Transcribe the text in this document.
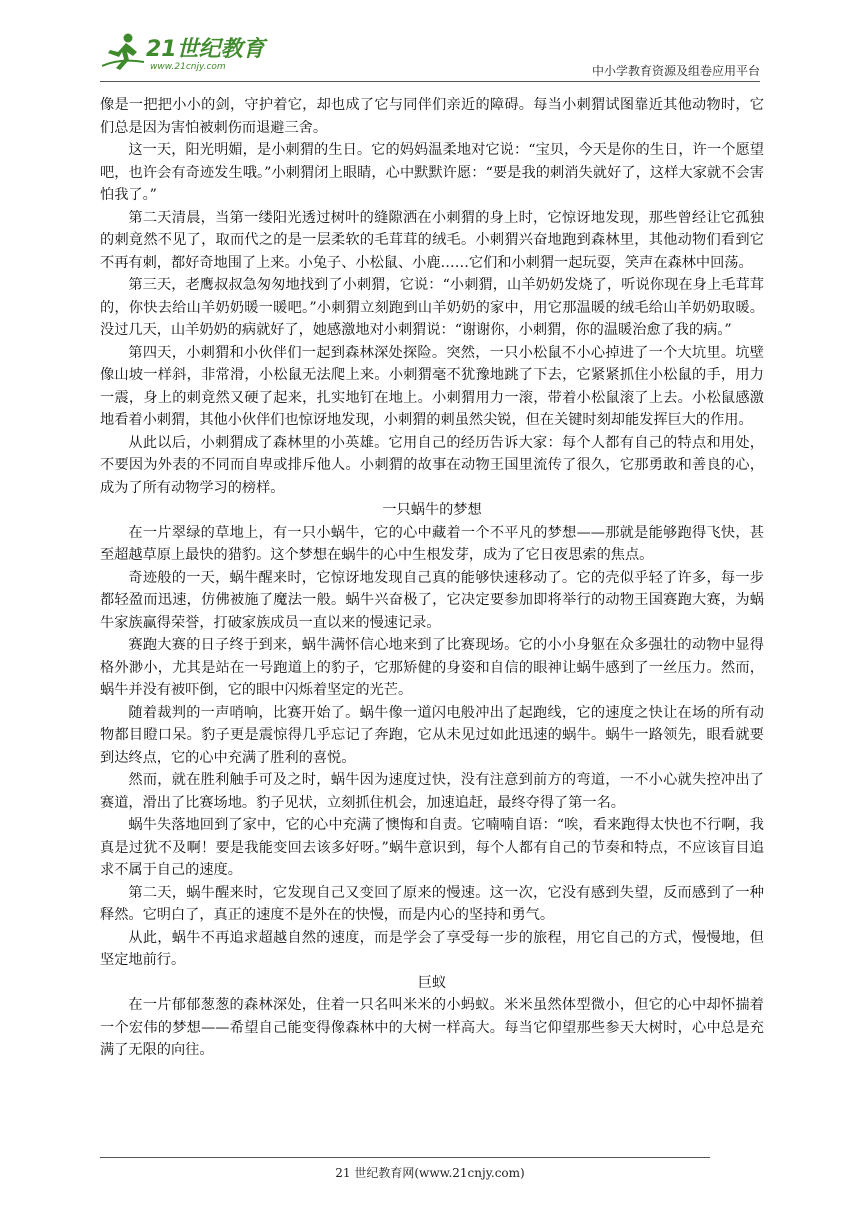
21世纪教育
www.21cnjy.com	中小学教育资源及组卷应用平台

像是一把把小小的剑，守护着它，却也成了它与同伴们亲近的障碍。每当小刺猬试图靠近其他动物时，它们总是因为害怕被刺伤而退避三舍。

这一天，阳光明媚，是小刺猬的生日。它的妈妈温柔地对它说：“宝贝，今天是你的生日，许一个愿望吧，也许会有奇迹发生哦。”小刺猬闭上眼睛，心中默默许愿：“要是我的刺消失就好了，这样大家就不会害怕我了。”

第二天清晨，当第一缕阳光透过树叶的缝隙洒在小刺猬的身上时，它惊讶地发现，那些曾经让它孤独的刺竟然不见了，取而代之的是一层柔软的毛茸茸的绒毛。小刺猬兴奋地跑到森林里，其他动物们看到它不再有刺，都好奇地围了上来。小兔子、小松鼠、小鹿……它们和小刺猬一起玩耍，笑声在森林中回荡。

第三天，老鹰叔叔急匆匆地找到了小刺猬，它说：“小刺猬，山羊奶奶发烧了，听说你现在身上毛茸茸的，你快去给山羊奶奶暖一暖吧。”小刺猬立刻跑到山羊奶奶的家中，用它那温暖的绒毛给山羊奶奶取暖。没过几天，山羊奶奶的病就好了，她感激地对小刺猬说：“谢谢你，小刺猬，你的温暖治愈了我的病。”

第四天，小刺猬和小伙伴们一起到森林深处探险。突然，一只小松鼠不小心掉进了一个大坑里。坑壁像山坡一样斜，非常滑，小松鼠无法爬上来。小刺猬毫不犹豫地跳了下去，它紧紧抓住小松鼠的手，用力一震，身上的刺竟然又硬了起来，扎实地钉在地上。小刺猬用力一滚，带着小松鼠滚了上去。小松鼠感激地看着小刺猬，其他小伙伴们也惊讶地发现，小刺猬的刺虽然尖锐，但在关键时刻却能发挥巨大的作用。

从此以后，小刺猬成了森林里的小英雄。它用自己的经历告诉大家：每个人都有自己的特点和用处，不要因为外表的不同而自卑或排斥他人。小刺猬的故事在动物王国里流传了很久，它那勇敢和善良的心，成为了所有动物学习的榜样。

一只蜗牛的梦想

在一片翠绿的草地上，有一只小蜗牛，它的心中藏着一个不平凡的梦想——那就是能够跑得飞快，甚至超越草原上最快的猎豹。这个梦想在蜗牛的心中生根发芽，成为了它日夜思索的焦点。

奇迹般的一天，蜗牛醒来时，它惊讶地发现自己真的能够快速移动了。它的壳似乎轻了许多，每一步都轻盈而迅速，仿佛被施了魔法一般。蜗牛兴奋极了，它决定要参加即将举行的动物王国赛跑大赛，为蜗牛家族赢得荣誉，打破家族成员一直以来的慢速记录。

赛跑大赛的日子终于到来，蜗牛满怀信心地来到了比赛现场。它的小小身躯在众多强壮的动物中显得格外渺小，尤其是站在一号跑道上的豹子，它那矫健的身姿和自信的眼神让蜗牛感到了一丝压力。然而，蜗牛并没有被吓倒，它的眼中闪烁着坚定的光芒。

随着裁判的一声哨响，比赛开始了。蜗牛像一道闪电般冲出了起跑线，它的速度之快让在场的所有动物都目瞪口呆。豹子更是震惊得几乎忘记了奔跑，它从未见过如此迅速的蜗牛。蜗牛一路领先，眼看就要到达终点，它的心中充满了胜利的喜悦。

然而，就在胜利触手可及之时，蜗牛因为速度过快，没有注意到前方的弯道，一不小心就失控冲出了赛道，滑出了比赛场地。豹子见状，立刻抓住机会，加速追赶，最终夺得了第一名。

蜗牛失落地回到了家中，它的心中充满了懊悔和自责。它喃喃自语：“唉，看来跑得太快也不行啊，我真是过犹不及啊！要是我能变回去该多好呀。”蜗牛意识到，每个人都有自己的节奏和特点，不应该盲目追求不属于自己的速度。

第二天，蜗牛醒来时，它发现自己又变回了原来的慢速。这一次，它没有感到失望，反而感到了一种释然。它明白了，真正的速度不是外在的快慢，而是内心的坚持和勇气。

从此，蜗牛不再追求超越自然的速度，而是学会了享受每一步的旅程，用它自己的方式，慢慢地，但坚定地前行。

巨蚁

在一片郁郁葱葱的森林深处，住着一只名叫米米的小蚂蚁。米米虽然体型微小，但它的心中却怀揣着一个宏伟的梦想——希望自己能变得像森林中的大树一样高大。每当它仰望那些参天大树时，心中总是充满了无限的向往。

21 世纪教育网(www.21cnjy.com)
